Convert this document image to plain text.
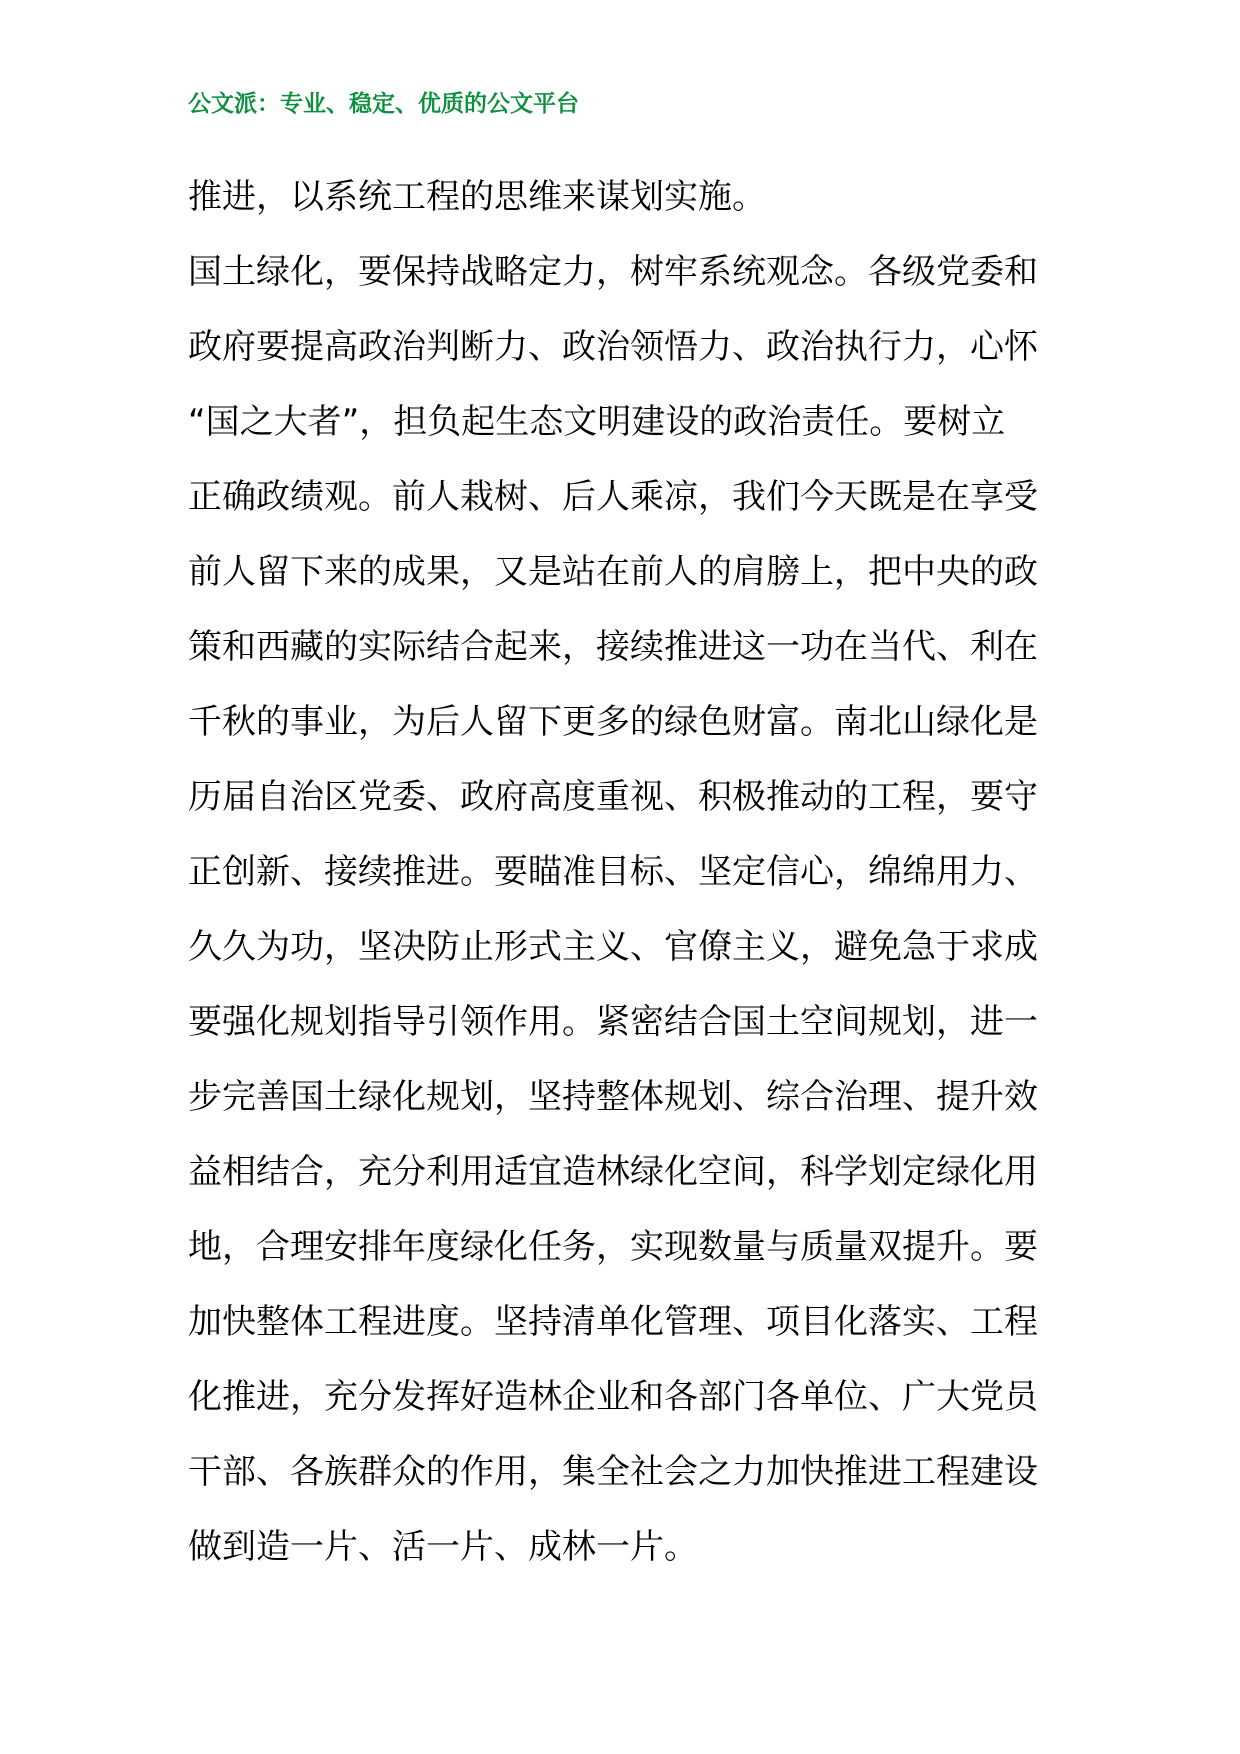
公文派：专业、稳定、优质的公文平台
推进，以系统工程的思维来谋划实施。
国土绿化，要保持战略定力，树牢系统观念。各级党委和
政府要提高政治判断力、政治领悟力、政治执行力，心怀
“国之大者”，担负起生态文明建设的政治责任。要树立
正确政绩观。前人栽树、后人乘凉，我们今天既是在享受
前人留下来的成果，又是站在前人的肩膀上，把中央的政
策和西藏的实际结合起来，接续推进这一功在当代、利在
千秋的事业，为后人留下更多的绿色财富。南北山绿化是
历届自治区党委、政府高度重视、积极推动的工程，要守
正创新、接续推进。要瞄准目标、坚定信心，绵绵用力、
久久为功，坚决防止形式主义、官僚主义，避免急于求成
要强化规划指导引领作用。紧密结合国土空间规划，进一
步完善国土绿化规划，坚持整体规划、综合治理、提升效
益相结合，充分利用适宜造林绿化空间，科学划定绿化用
地，合理安排年度绿化任务，实现数量与质量双提升。要
加快整体工程进度。坚持清单化管理、项目化落实、工程
化推进，充分发挥好造林企业和各部门各单位、广大党员
干部、各族群众的作用，集全社会之力加快推进工程建设
做到造一片、活一片、成林一片。
